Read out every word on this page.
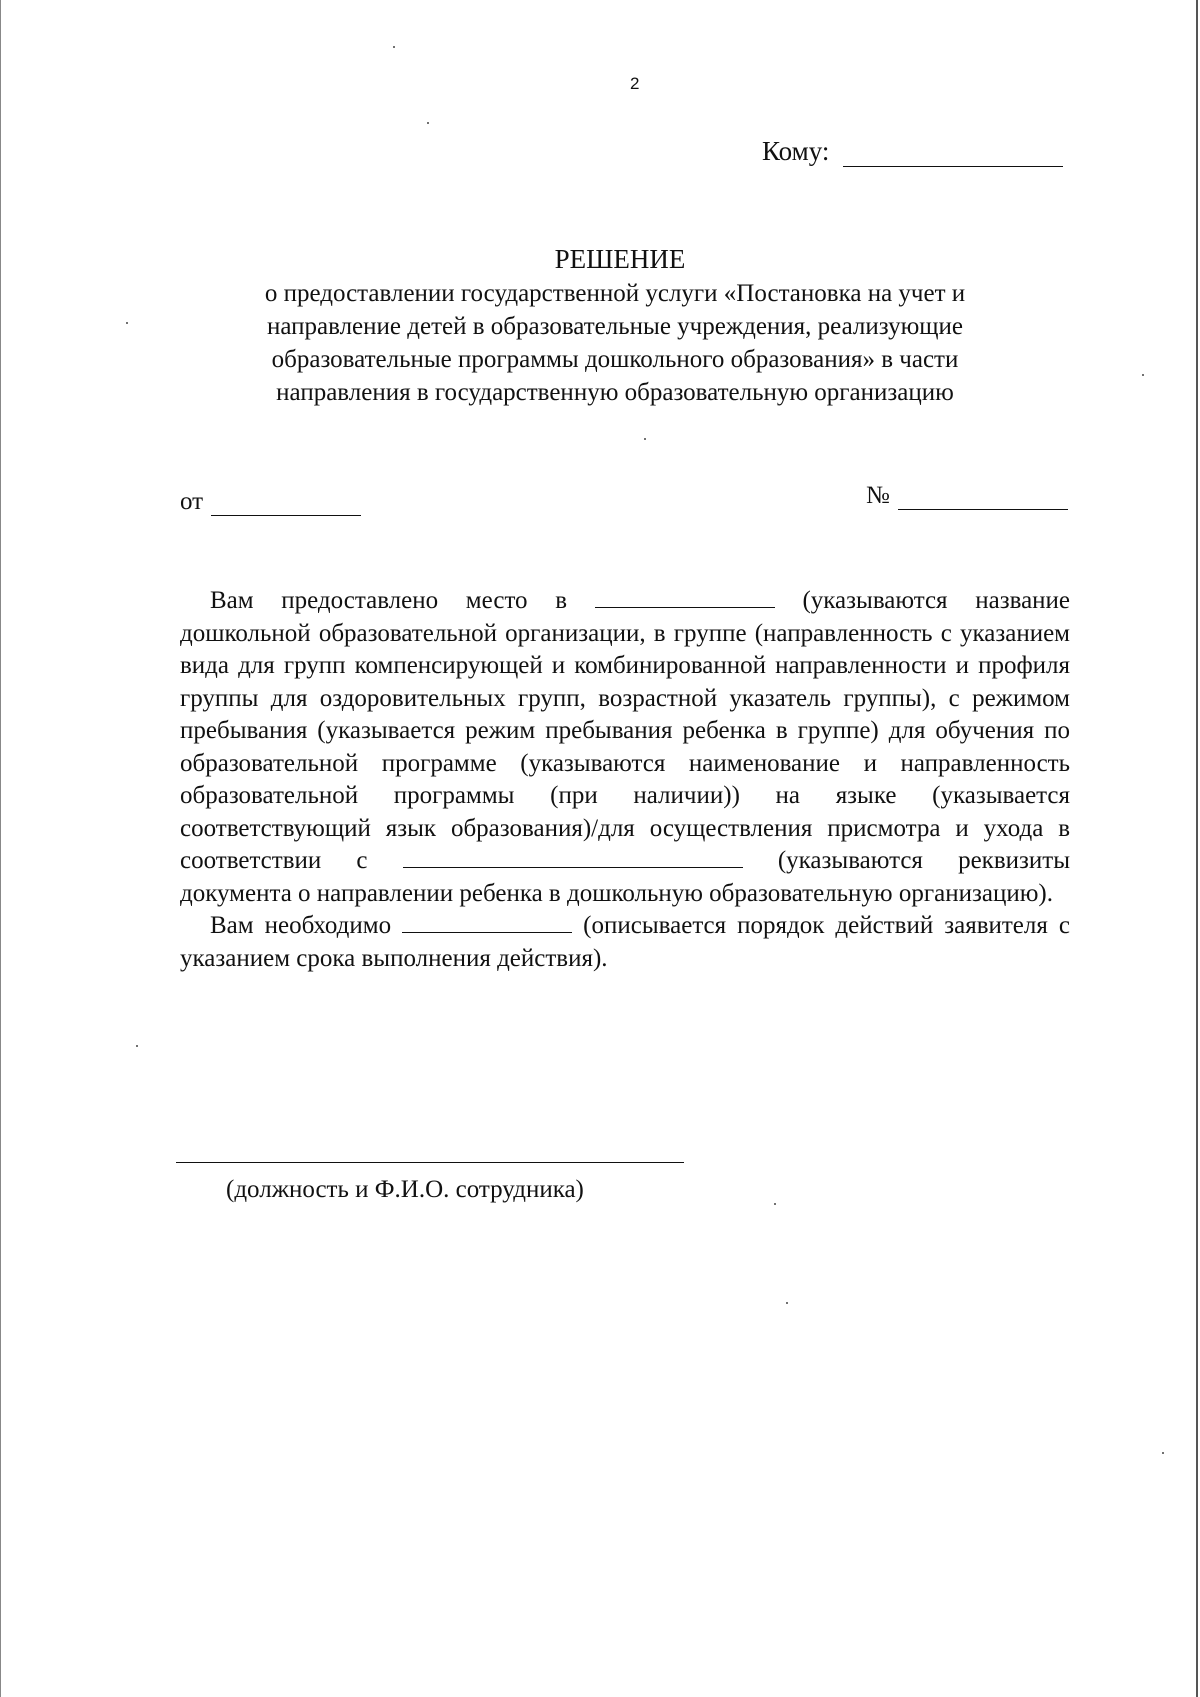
2
Кому:
РЕШЕНИЕ
о предоставлении государственной услуги «Постановка на учет и
направление детей в образовательные учреждения, реализующие
образовательные программы дошкольного образования» в части
направления в государственную образовательную организацию
от	№

Вам предоставлено место в	(указываются название дошкольной образовательной организации, в группе (направленность с указанием вида для групп компенсирующей и комбинированной направленности и профиля группы для оздоровительных групп, возрастной указатель группы), с режимом пребывания (указывается режим пребывания ребенка в группе) для обучения по образовательной программе (указываются наименование и направленность образовательной программы (при наличии)) на языке (указывается соответствующий язык образования)/для осуществления присмотра и ухода в соответствии с	(указываются реквизиты документа о направлении ребенка в дошкольную образовательную организацию).

Вам необходимо	(описывается порядок действий заявителя с указанием срока выполнения действия).

(должность и Ф.И.О. сотрудника)
